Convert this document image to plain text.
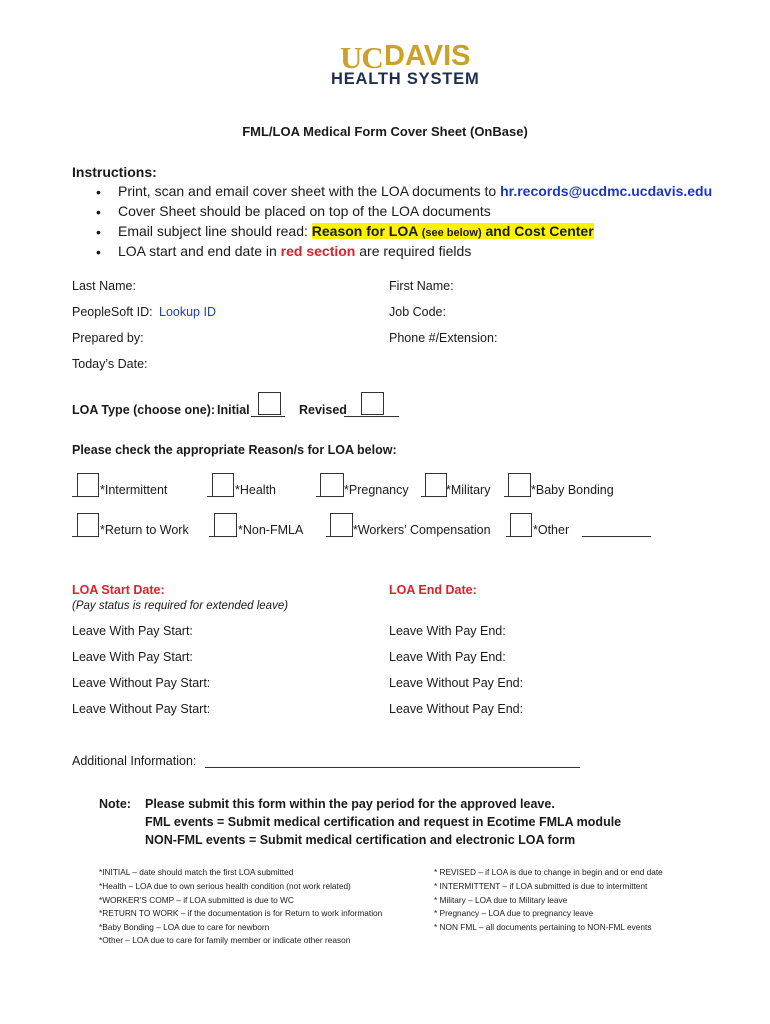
UC DAVIS
HEALTH SYSTEM
FML/LOA Medical Form Cover Sheet (OnBase)
Instructions:
• Print, scan and email cover sheet with the LOA documents to hr.records@ucdmc.ucdavis.edu
• Cover Sheet should be placed on top of the LOA documents
• Email subject line should read: Reason for LOA (see below) and Cost Center
• LOA start and end date in red section are required fields
Last Name:	First Name:
PeopleSoft ID: Lookup ID	Job Code:
Prepared by:	Phone #/Extension:
Today’s Date:
LOA Type (choose one): Initial	Revised
Please check the appropriate Reason/s for LOA below:
*Intermittent	*Health	*Pregnancy	*Military	*Baby Bonding
*Return to Work	*Non-FMLA	*Workers’ Compensation	*Other
LOA Start Date:
(Pay status is required for extended leave)
LOA End Date:
Leave With Pay Start:	Leave With Pay End:
Leave With Pay Start:	Leave With Pay End:
Leave Without Pay Start:	Leave Without Pay End:
Leave Without Pay Start:	Leave Without Pay End:
Additional Information:
Note: Please submit this form within the pay period for the approved leave.
FML events = Submit medical certification and request in Ecotime FMLA module
NON-FML events = Submit medical certification and electronic LOA form
*INITIAL – date should match the first LOA submitted
*Health – LOA due to own serious health condition (not work related)
*WORKER’S COMP – if LOA submitted is due to WC
*RETURN TO WORK – if the documentation is for Return to work information
*Baby Bonding – LOA due to care for newborn
*Other – LOA due to care for family member or indicate other reason
* REVISED – if LOA is due to change in begin and or end date
* INTERMITTENT – if LOA submitted is due to intermittent
* Military – LOA due to Military leave
* Pregnancy – LOA due to pregnancy leave
* NON FML – all documents pertaining to NON-FML events
